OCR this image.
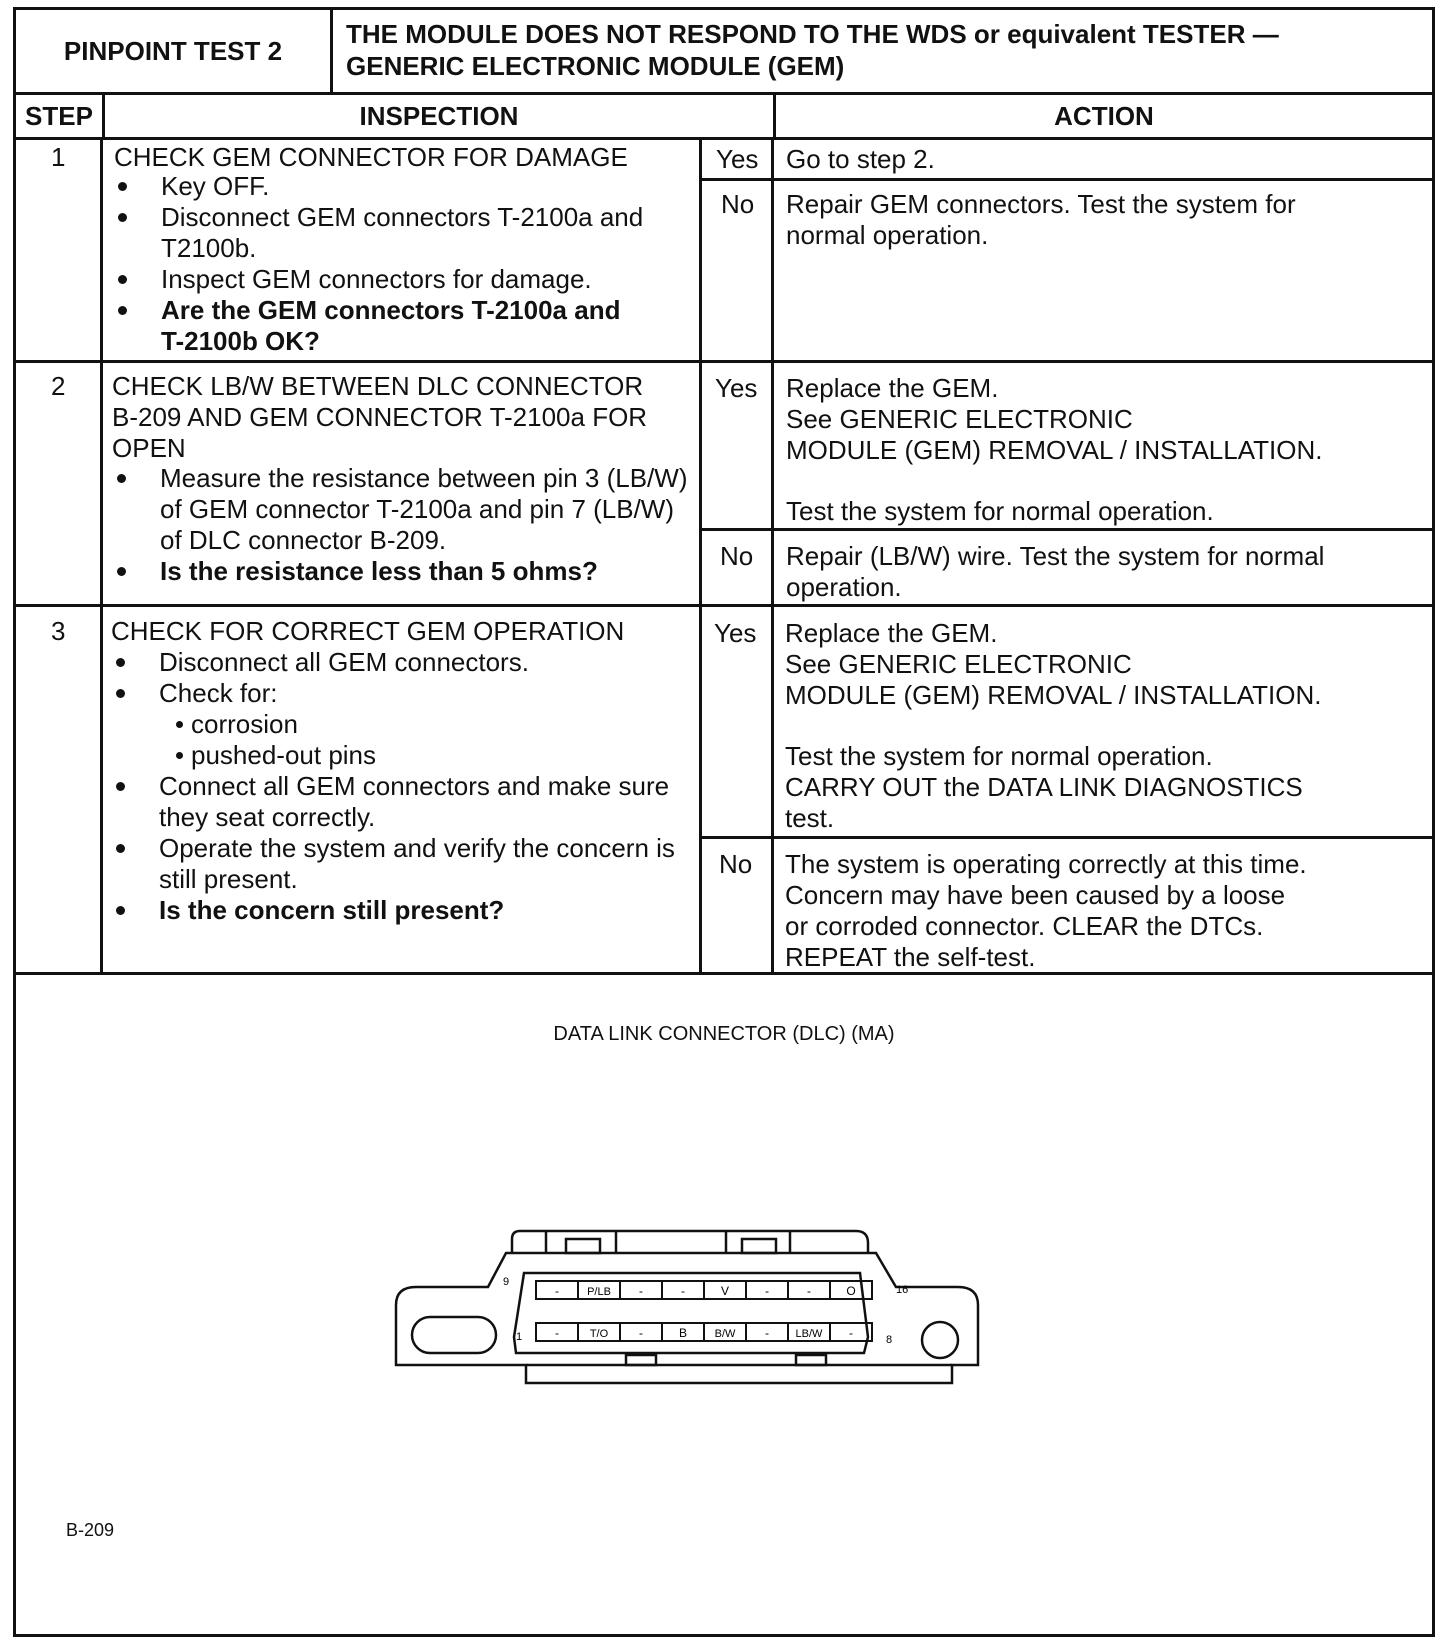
PINPOINT TEST 2
THE MODULE DOES NOT RESPOND TO THE WDS or equivalent TESTER —
GENERIC ELECTRONIC MODULE (GEM)
STEP	INSPECTION	ACTION
1 CHECK GEM CONNECTOR FOR DAMAGE
Key OFF.
Disconnect GEM connectors T-2100a and
T2100b.
Inspect GEM connectors for damage.
Are the GEM connectors T-2100a and
T-2100b OK?
Yes Go to step 2.
No Repair GEM connectors. Test the system for
normal operation.
2 CHECK LB/W BETWEEN DLC CONNECTOR
B-209 AND GEM CONNECTOR T-2100a FOR
OPEN
Measure the resistance between pin 3 (LB/W)
of GEM connector T-2100a and pin 7 (LB/W)
of DLC connector B-209.
Is the resistance less than 5 ohms?
Yes Replace the GEM.
See GENERIC ELECTRONIC
MODULE (GEM) REMOVAL / INSTALLATION.
Test the system for normal operation.
No Repair (LB/W) wire. Test the system for normal
operation.
3 CHECK FOR CORRECT GEM OPERATION
Disconnect all GEM connectors.
Check for:
corrosion
pushed-out pins
Connect all GEM connectors and make sure
they seat correctly.
Operate the system and verify the concern is
still present.
Is the concern still present?
Yes Replace the GEM.
See GENERIC ELECTRONIC
MODULE (GEM) REMOVAL / INSTALLATION.
Test the system for normal operation.
CARRY OUT the DATA LINK DIAGNOSTICS
test.
No The system is operating correctly at this time.
Concern may have been caused by a loose
or corroded connector. CLEAR the DTCs.
REPEAT the self-test.
DATA LINK CONNECTOR (DLC) (MA)
-	P/LB -	-	V	-	-	O
-	T/O	-	B	B/W - LB/W -
9
16
1	8
B-209
